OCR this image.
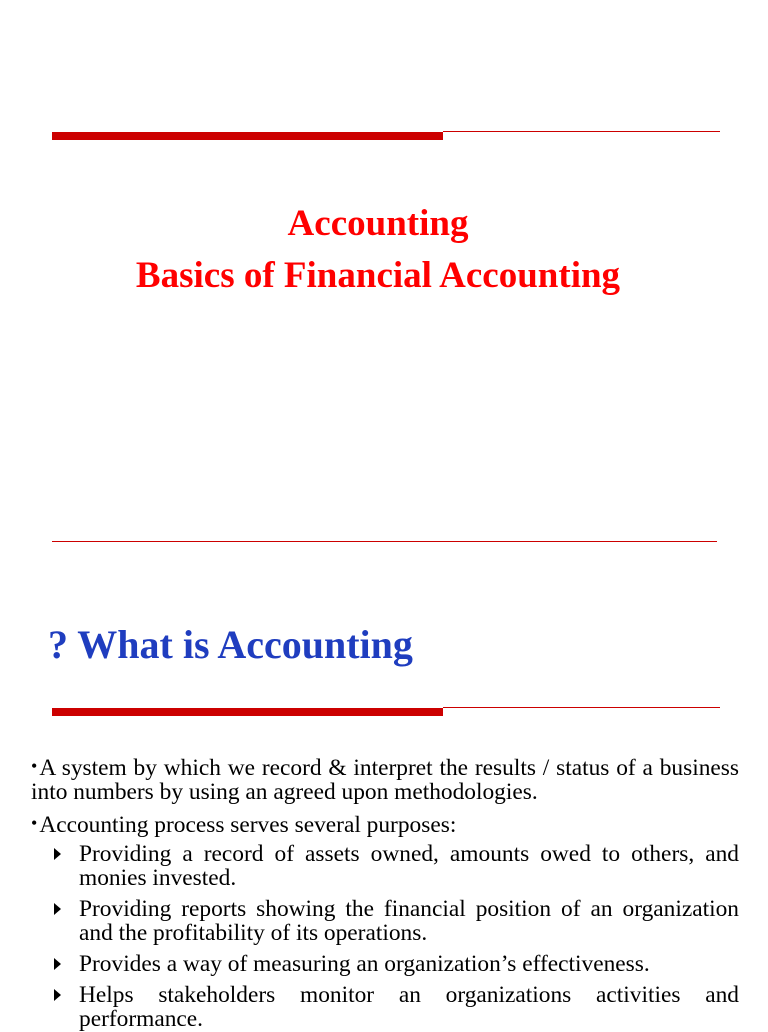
Accounting
Basics of Financial Accounting
? What is Accounting
•A system by which we record & interpret the results / status of a business into numbers by using an agreed upon methodologies.
•Accounting process serves several purposes:
Providing a record of assets owned, amounts owed to others, and monies invested.
Providing reports showing the financial position of an organization and the profitability of its operations.
Provides a way of measuring an organization’s effectiveness.
Helps stakeholders monitor an organizations activities and performance.
